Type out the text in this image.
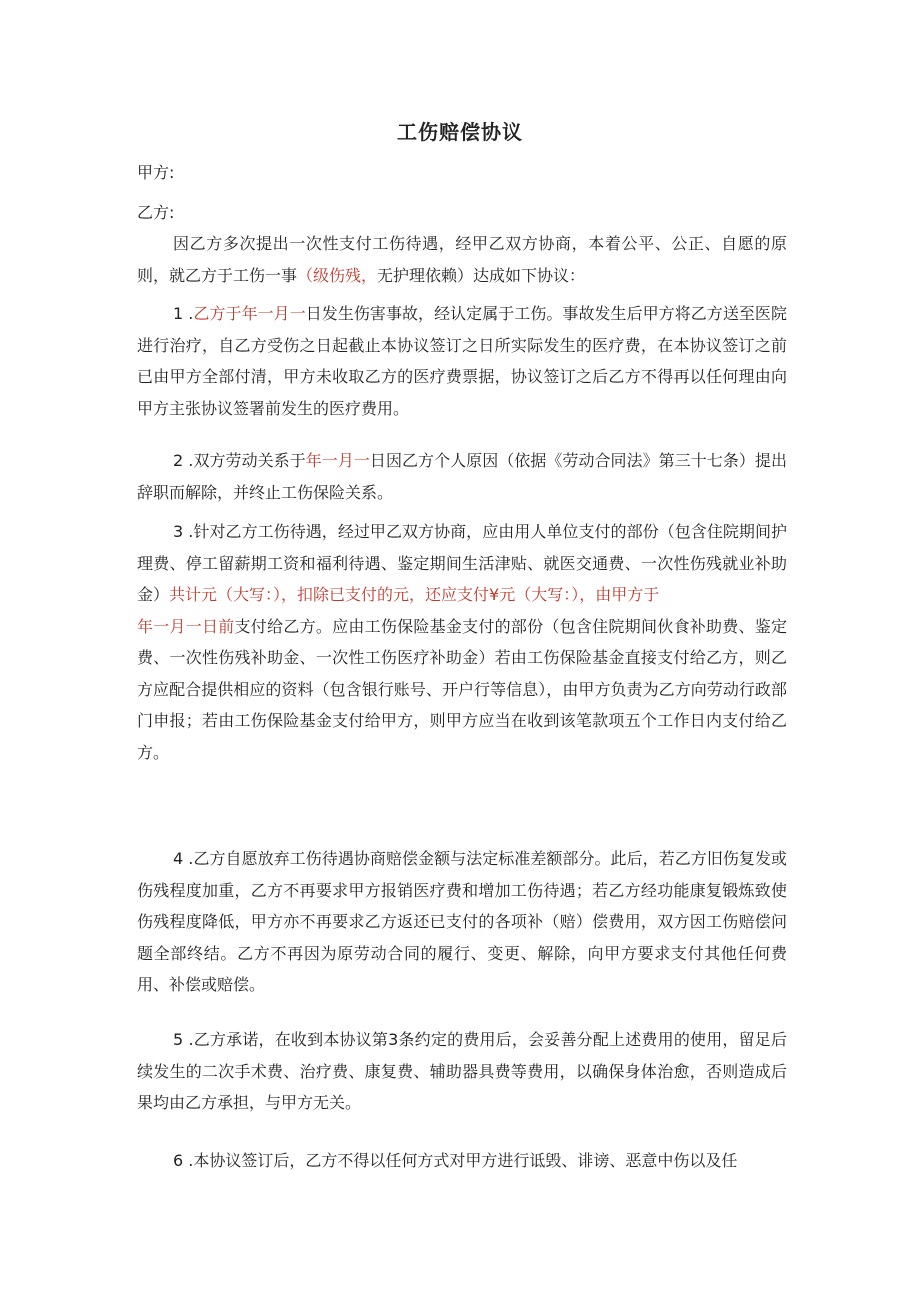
工伤赔偿协议
甲方:
乙方:

因乙方多次提出一次性支付工伤待遇，经甲乙双方协商，本着公平、公正、自愿的原则，就乙方于工伤一事（级伤残，无护理依赖）达成如下协议：

1 .乙方于年一月一日发生伤害事故，经认定属于工伤。事故发生后甲方将乙方送至医院进行治疗，自乙方受伤之日起截止本协议签订之日所实际发生的医疗费，在本协议签订之前已由甲方全部付清，甲方未收取乙方的医疗费票据，协议签订之后乙方不得再以任何理由向甲方主张协议签署前发生的医疗费用。

2 .双方劳动关系于年一月一日因乙方个人原因（依据《劳动合同法》第三十七条）提出辞职而解除，并终止工伤保险关系。

3 .针对乙方工伤待遇，经过甲乙双方协商，应由用人单位支付的部份（包含住院期间护理费、停工留薪期工资和福利待遇、鉴定期间生活津贴、就医交通费、一次性伤残就业补助金）共计元（大写：），扣除已支付的元，还应支付¥元（大写：），由甲方于
年一月一日前支付给乙方。应由工伤保险基金支付的部份（包含住院期间伙食补助费、鉴定费、一次性伤残补助金、一次性工伤医疗补助金）若由工伤保险基金直接支付给乙方，则乙方应配合提供相应的资料（包含银行账号、开户行等信息），由甲方负责为乙方向劳动行政部门申报；若由工伤保险基金支付给甲方，则甲方应当在收到该笔款项五个工作日内支付给乙方。

4 .乙方自愿放弃工伤待遇协商赔偿金额与法定标准差额部分。此后，若乙方旧伤复发或伤残程度加重，乙方不再要求甲方报销医疗费和增加工伤待遇；若乙方经功能康复锻炼致使伤残程度降低，甲方亦不再要求乙方返还已支付的各项补（赔）偿费用，双方因工伤赔偿问题全部终结。乙方不再因为原劳动合同的履行、变更、解除，向甲方要求支付其他任何费用、补偿或赔偿。

5 .乙方承诺，在收到本协议第3条约定的费用后，会妥善分配上述费用的使用，留足后续发生的二次手术费、治疗费、康复费、辅助器具费等费用，以确保身体治愈，否则造成后果均由乙方承担，与甲方无关。

6 .本协议签订后，乙方不得以任何方式对甲方进行诋毁、诽谤、恶意中伤以及任
